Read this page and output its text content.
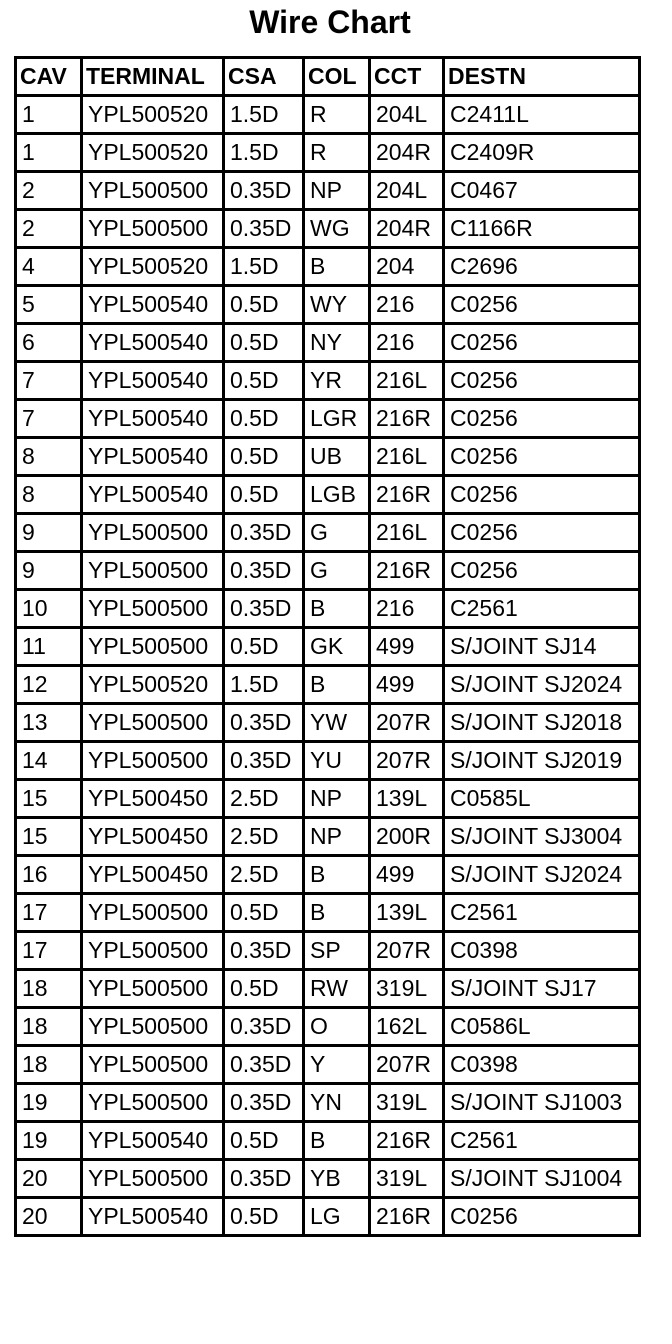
Wire Chart
CAV	TERMINAL	CSA	COL	CCT	DESTN
1	YPL500520	1.5D	R	204L	C2411L
1	YPL500520	1.5D	R	204R	C2409R
2	YPL500500	0.35D	NP	204L	C0467
2	YPL500500	0.35D	WG	204R	C1166R
4	YPL500520	1.5D	B	204	C2696
5	YPL500540	0.5D	WY	216	C0256
6	YPL500540	0.5D	NY	216	C0256
7	YPL500540	0.5D	YR	216L	C0256
7	YPL500540	0.5D	LGR	216R	C0256
8	YPL500540	0.5D	UB	216L	C0256
8	YPL500540	0.5D	LGB	216R	C0256
9	YPL500500	0.35D	G	216L	C0256
9	YPL500500	0.35D	G	216R	C0256
10	YPL500500	0.35D	B	216	C2561
11	YPL500500	0.5D	GK	499	S/JOINT SJ14
12	YPL500520	1.5D	B	499	S/JOINT SJ2024
13	YPL500500	0.35D	YW	207R	S/JOINT SJ2018
14	YPL500500	0.35D	YU	207R	S/JOINT SJ2019
15	YPL500450	2.5D	NP	139L	C0585L
15	YPL500450	2.5D	NP	200R	S/JOINT SJ3004
16	YPL500450	2.5D	B	499	S/JOINT SJ2024
17	YPL500500	0.5D	B	139L	C2561
17	YPL500500	0.35D	SP	207R	C0398
18	YPL500500	0.5D	RW	319L	S/JOINT SJ17
18	YPL500500	0.35D	O	162L	C0586L
18	YPL500500	0.35D	Y	207R	C0398
19	YPL500500	0.35D	YN	319L	S/JOINT SJ1003
19	YPL500540	0.5D	B	216R	C2561
20	YPL500500	0.35D	YB	319L	S/JOINT SJ1004
20	YPL500540	0.5D	LG	216R	C0256
